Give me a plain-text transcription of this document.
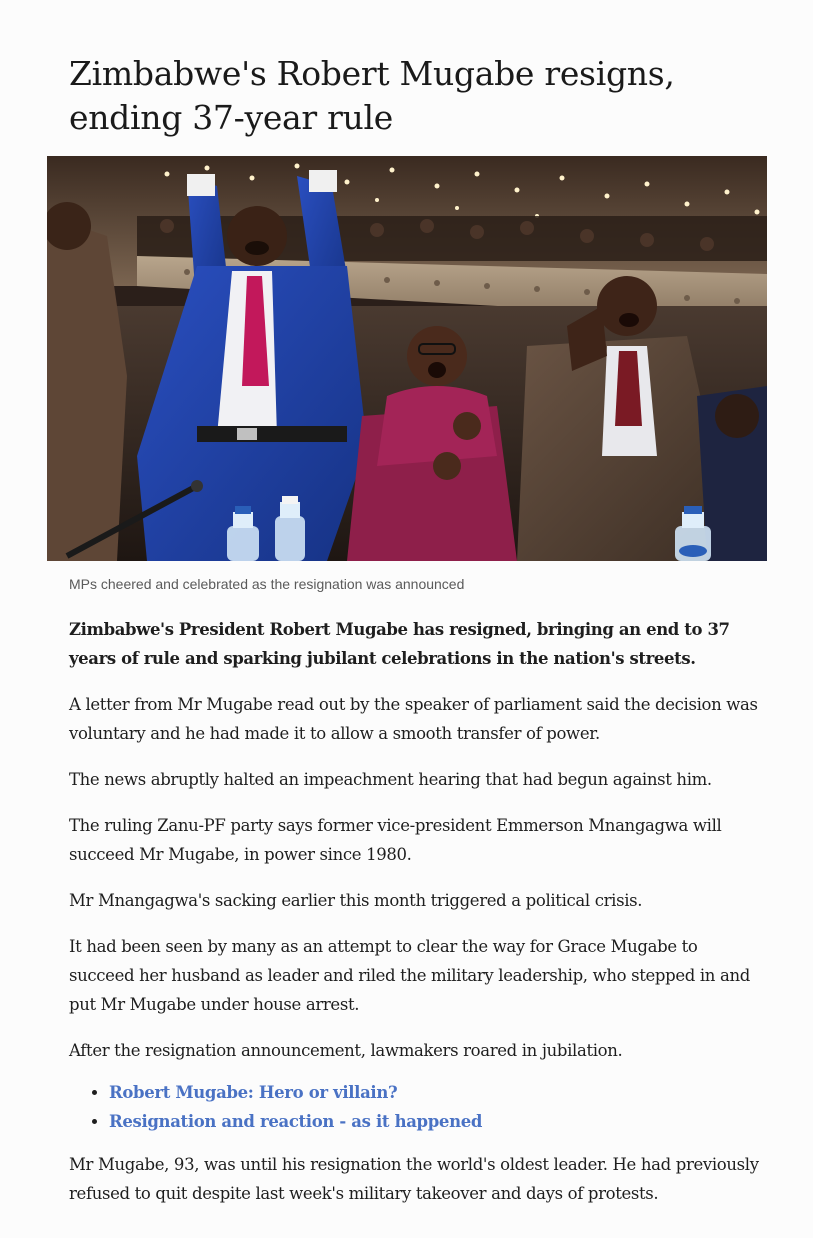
Zimbabwe's Robert Mugabe resigns, ending 37-year rule

MPs cheered and celebrated as the resignation was announced

Zimbabwe's President Robert Mugabe has resigned, bringing an end to 37 years of rule and sparking jubilant celebrations in the nation's streets.

A letter from Mr Mugabe read out by the speaker of parliament said the decision was voluntary and he had made it to allow a smooth transfer of power.

The news abruptly halted an impeachment hearing that had begun against him.

The ruling Zanu-PF party says former vice-president Emmerson Mnangagwa will succeed Mr Mugabe, in power since 1980.

Mr Mnangagwa's sacking earlier this month triggered a political crisis.

It had been seen by many as an attempt to clear the way for Grace Mugabe to succeed her husband as leader and riled the military leadership, who stepped in and put Mr Mugabe under house arrest.

After the resignation announcement, lawmakers roared in jubilation.

• Robert Mugabe: Hero or villain?
• Resignation and reaction - as it happened

Mr Mugabe, 93, was until his resignation the world's oldest leader. He had previously refused to quit despite last week's military takeover and days of protests.
